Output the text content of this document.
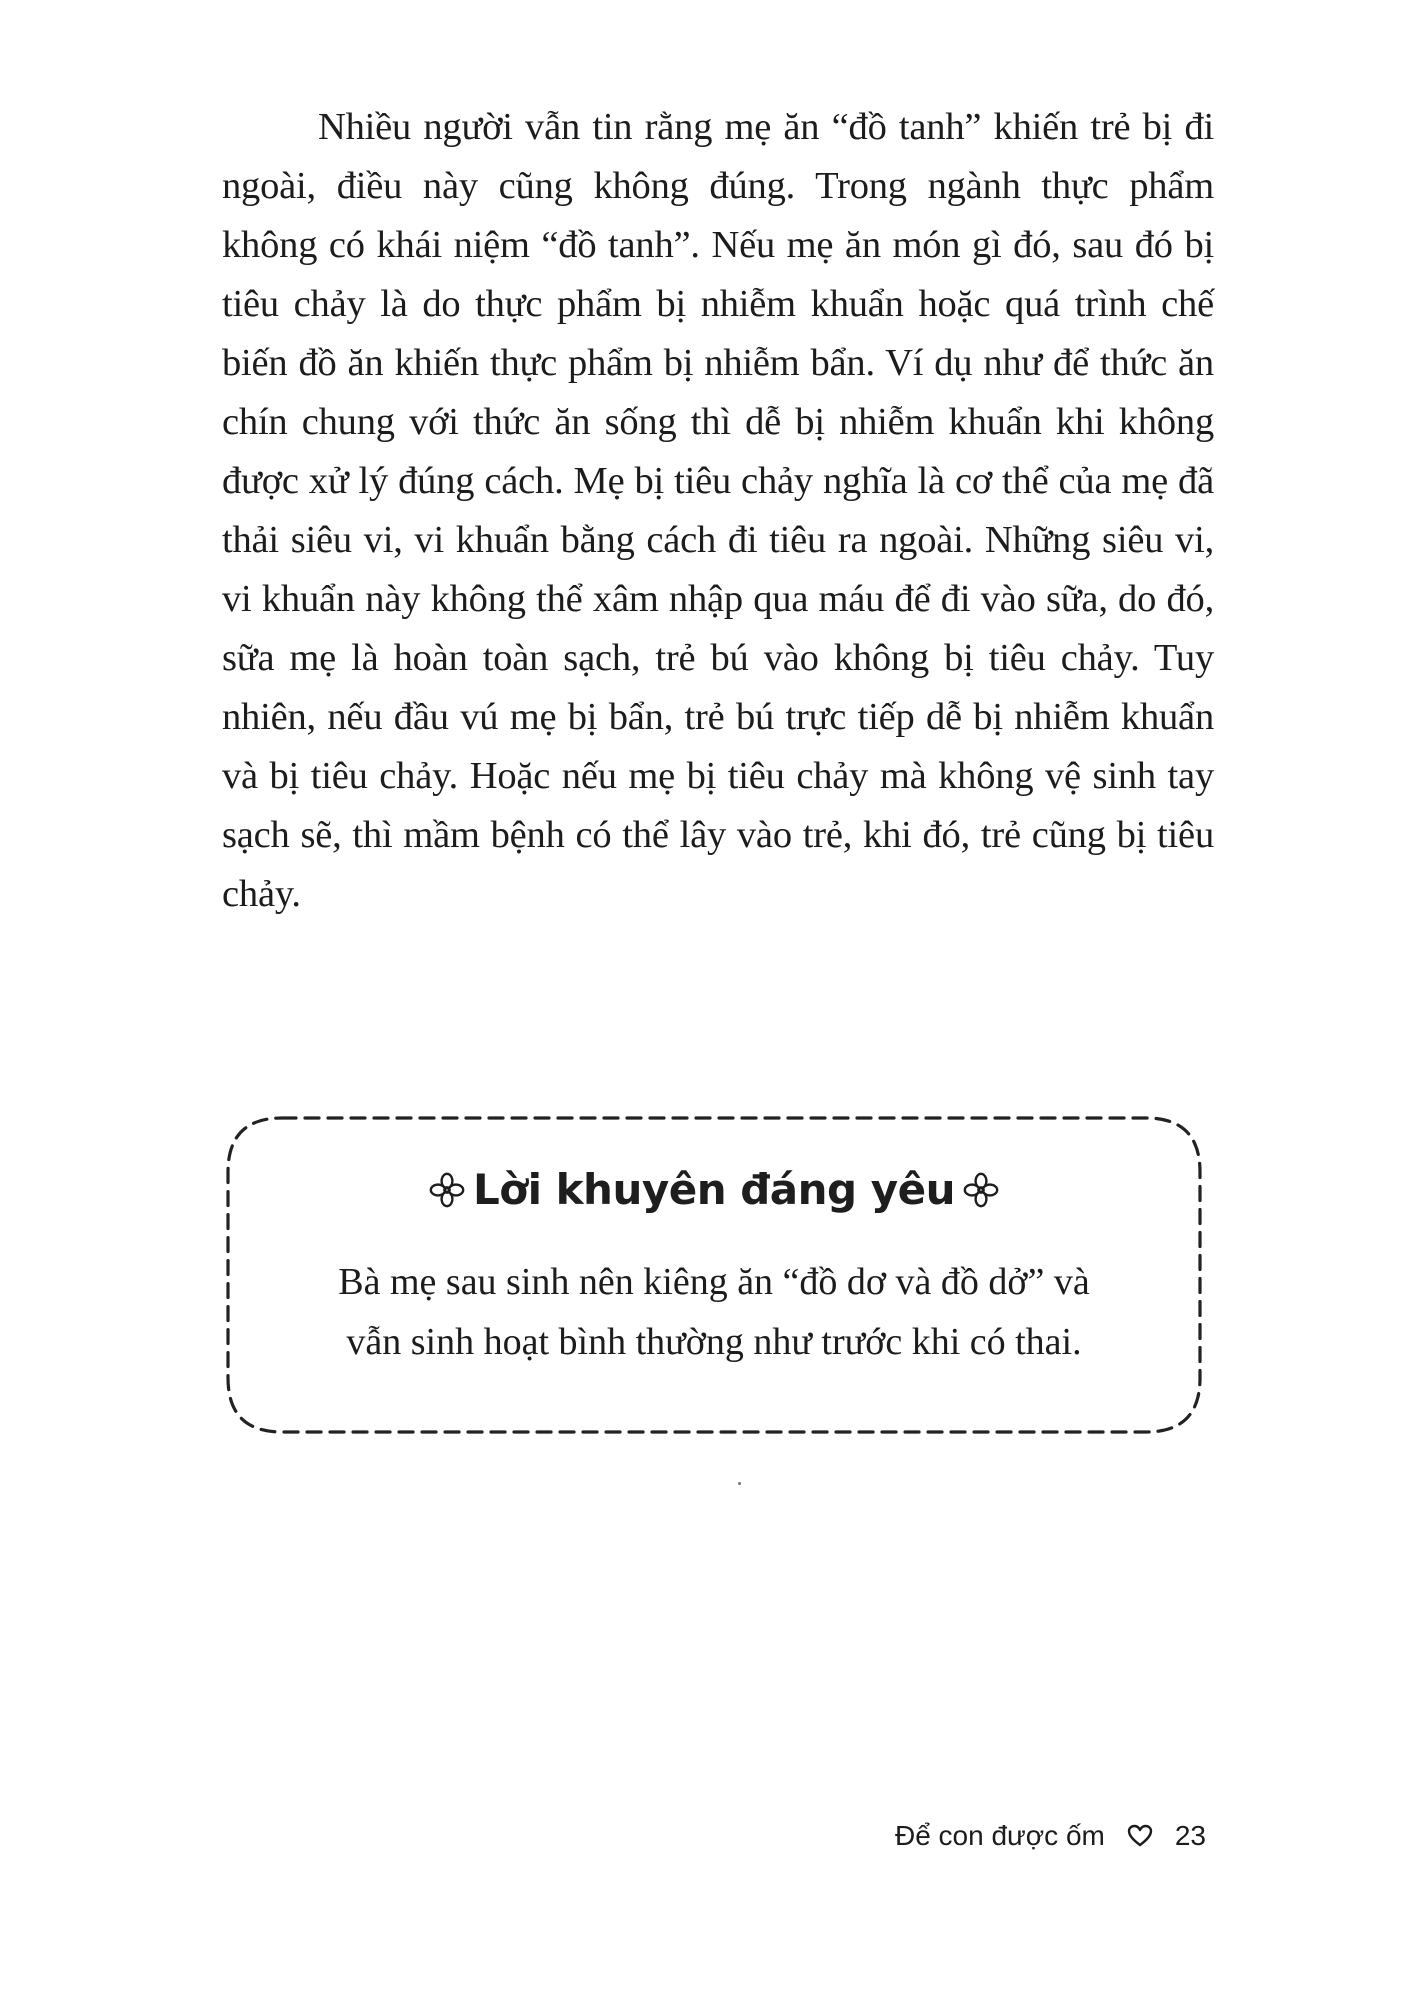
Nhiều người vẫn tin rằng mẹ ăn “đồ tanh” khiến trẻ bị đi ngoài, điều này cũng không đúng. Trong ngành thực phẩm không có khái niệm “đồ tanh”. Nếu mẹ ăn món gì đó, sau đó bị tiêu chảy là do thực phẩm bị nhiễm khuẩn hoặc quá trình chế biến đồ ăn khiến thực phẩm bị nhiễm bẩn. Ví dụ như để thức ăn chín chung với thức ăn sống thì dễ bị nhiễm khuẩn khi không được xử lý đúng cách. Mẹ bị tiêu chảy nghĩa là cơ thể của mẹ đã thải siêu vi, vi khuẩn bằng cách đi tiêu ra ngoài. Những siêu vi, vi khuẩn này không thể xâm nhập qua máu để đi vào sữa, do đó, sữa mẹ là hoàn toàn sạch, trẻ bú vào không bị tiêu chảy. Tuy nhiên, nếu đầu vú mẹ bị bẩn, trẻ bú trực tiếp dễ bị nhiễm khuẩn và bị tiêu chảy. Hoặc nếu mẹ bị tiêu chảy mà không vệ sinh tay sạch sẽ, thì mầm bệnh có thể lây vào trẻ, khi đó, trẻ cũng bị tiêu chảy.

Lời khuyên đáng yêu
Bà mẹ sau sinh nên kiêng ăn “đồ dơ và đồ dở” và
vẫn sinh hoạt bình thường như trước khi có thai.
Để con được ốm	23
